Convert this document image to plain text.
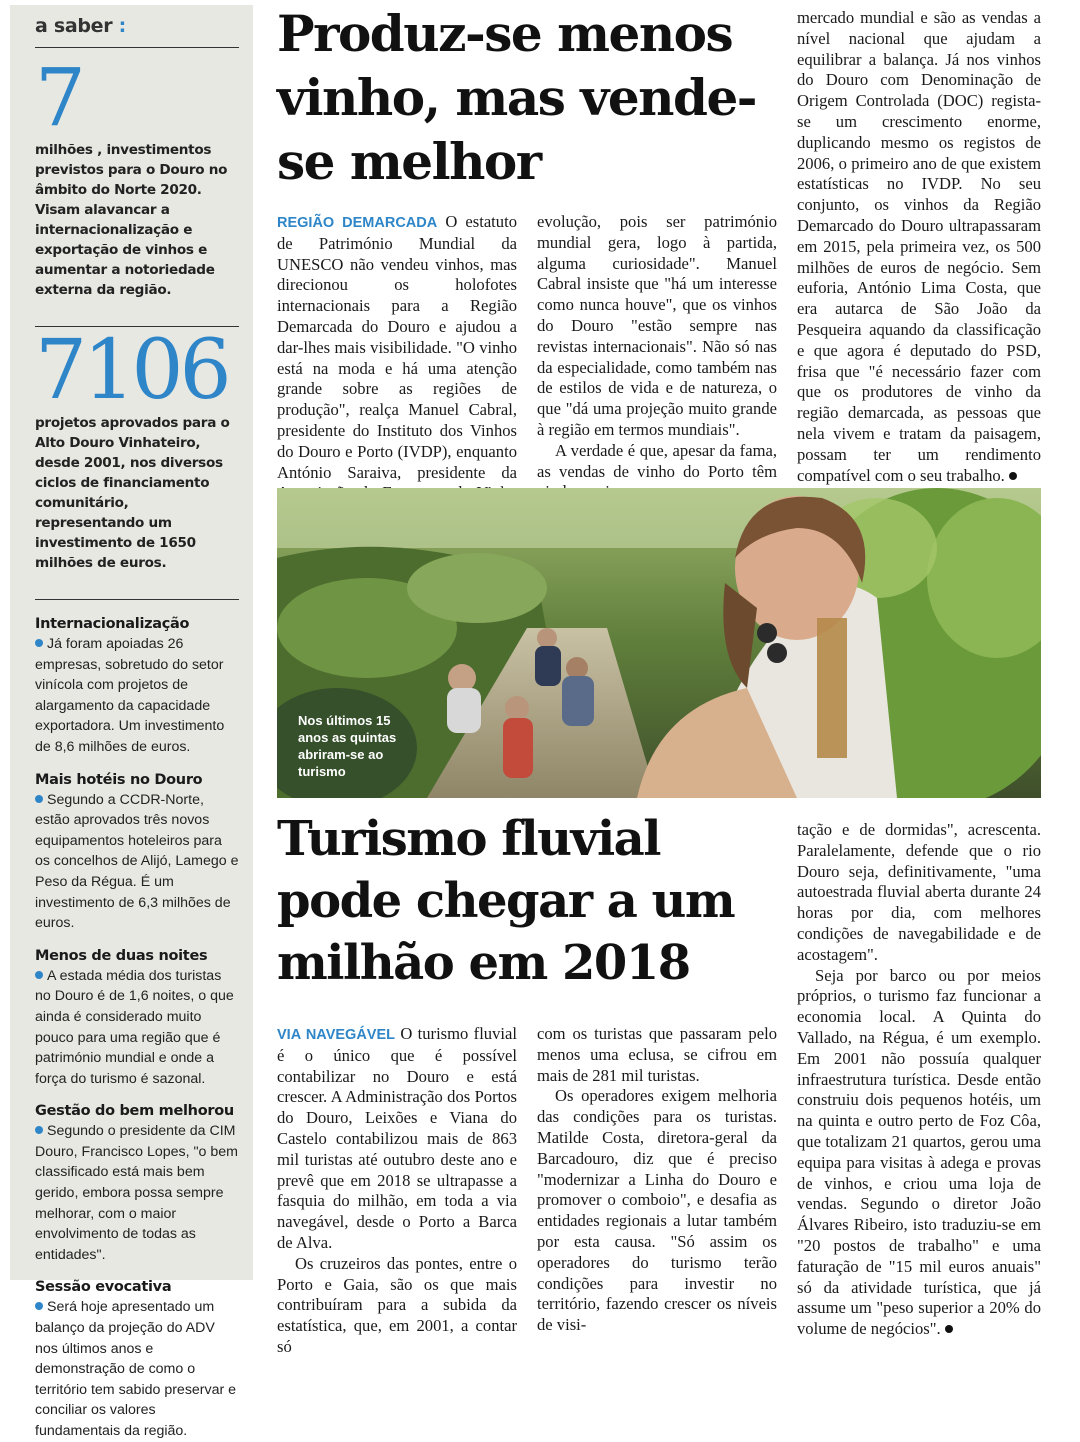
a saber :
7
milhões , investimentos previstos para o Douro no âmbito do Norte 2020. Visam alavancar a internacionalização e exportação de vinhos e aumentar a notoriedade externa da região.
7106
projetos aprovados para o Alto Douro Vinhateiro, desde 2001, nos diversos ciclos de financiamento comunitário, representando um investimento de 1650 milhões de euros.
Internacionalização

Já foram apoiadas 26 empresas, sobretudo do setor vinícola com projetos de alargamento da capacidade exportadora. Um investimento de 8,6 milhões de euros.

Mais hotéis no Douro

Segundo a CCDR-Norte, estão aprovados três novos equipamentos hoteleiros para os concelhos de Alijó, Lamego e Peso da Régua. É um investimento de 6,3 milhões de euros.

Menos de duas noites

A estada média dos turistas no Douro é de 1,6 noites, o que ainda é considerado muito pouco para uma região que é património mundial e onde a força do turismo é sazonal.

Gestão do bem melhorou

Segundo o presidente da CIM Douro, Francisco Lopes, "o bem classificado está mais bem gerido, embora possa sempre melhorar, com o maior envolvimento de todas as entidades".

Sessão evocativa

Será hoje apresentado um balanço da projeção do ADV nos últimos anos e demonstração de como o território tem sabido preservar e conciliar os valores fundamentais da região.

Produz-se menos vinho, mas vende-se melhor

REGIÃO DEMARCADA O estatuto de Património Mundial da UNESCO não vendeu vinhos, mas direcionou os holofotes internacionais para a Região Demarcada do Douro e ajudou a dar-lhes mais visibilidade. "O vinho está na moda e há uma atenção grande sobre as regiões de produção", realça Manuel Cabral, presidente do Instituto dos Vinhos do Douro e Porto (IVDP), enquanto António Saraiva, presidente da

evolução, pois ser património mundial gera, logo à partida, alguma curiosidade". Manuel Cabral insiste que "há um interesse como nunca houve", que os vinhos do Douro "estão sempre nas revistas internacionais". Não só nas da especialidade, como também nas de estilos de vida e de natureza, o que "dá uma projeção muito grande à região em termos mundiais".

A verdade é que, apesar da fama, as vendas de vinho do Porto têm

mercado mundial e são as vendas a nível nacional que ajudam a equilibrar a balança. Já nos vinhos do Douro com Denominação de Origem Controlada (DOC) regista-se um crescimento enorme, duplicando mesmo os registos de 2006, o primeiro ano de que existem estatísticas no IVDP. No seu conjunto, os vinhos da Região Demarcado do Douro ultrapassaram em 2015, pela primeira vez, os 500 milhões de euros de negócio. Sem euforia, António Lima Costa, que era autarca de São João da Pesqueira aquando da classificação e que agora é deputado do PSD, frisa que "é necessário fazer com que os produtores de vinho da região demarcada, as pessoas que nela vivem e tratam da paisagem, possam ter um rendimento compatível com o seu trabalho.

Nos últimos 15 anos as quintas abriram-se ao turismo
Turismo fluvial pode chegar a um milhão em 2018

VIA NAVEGÁVEL O turismo fluvial é o único que é possível contabilizar no Douro e está crescer. A Administração dos Portos do Douro, Leixões e Viana do Castelo contabilizou mais de 863 mil turistas até outubro deste ano e prevê que em 2018 se ultrapasse a fasquia do milhão, em toda a via navegável, desde o Porto a Barca de Alva.

Os cruzeiros das pontes, entre o Porto e Gaia, são os que mais contribuíram para a subida da estatística, que, em 2001, a contar só

com os turistas que passaram pelo menos uma eclusa, se cifrou em mais de 281 mil turistas.

Os operadores exigem melhoria das condições para os turistas. Matilde Costa, diretora-geral da Barcadouro, diz que é preciso "modernizar a Linha do Douro e promover o comboio", e desafia as entidades regionais a lutar também por esta causa. "Só assim os operadores do turismo terão condições para investir no território, fazendo crescer os níveis de visi-

tação e de dormidas", acrescenta. Paralelamente, defende que o rio Douro seja, definitivamente, "uma autoestrada fluvial aberta durante 24 horas por dia, com melhores condições de navegabilidade e de acostagem".

Seja por barco ou por meios próprios, o turismo faz funcionar a economia local. A Quinta do Vallado, na Régua, é um exemplo. Em 2001 não possuía qualquer infraestrutura turística. Desde então construiu dois pequenos hotéis, um na quinta e outro perto de Foz Côa, que totalizam 21 quartos, gerou uma equipa para visitas à adega e provas de vinhos, e criou uma loja de vendas. Segundo o diretor João Álvares Ribeiro, isto traduziu-se em "20 postos de trabalho" e uma faturação de "15 mil euros anuais" só da atividade turística, que já assume um "peso superior a 20% do volume de negócios".
